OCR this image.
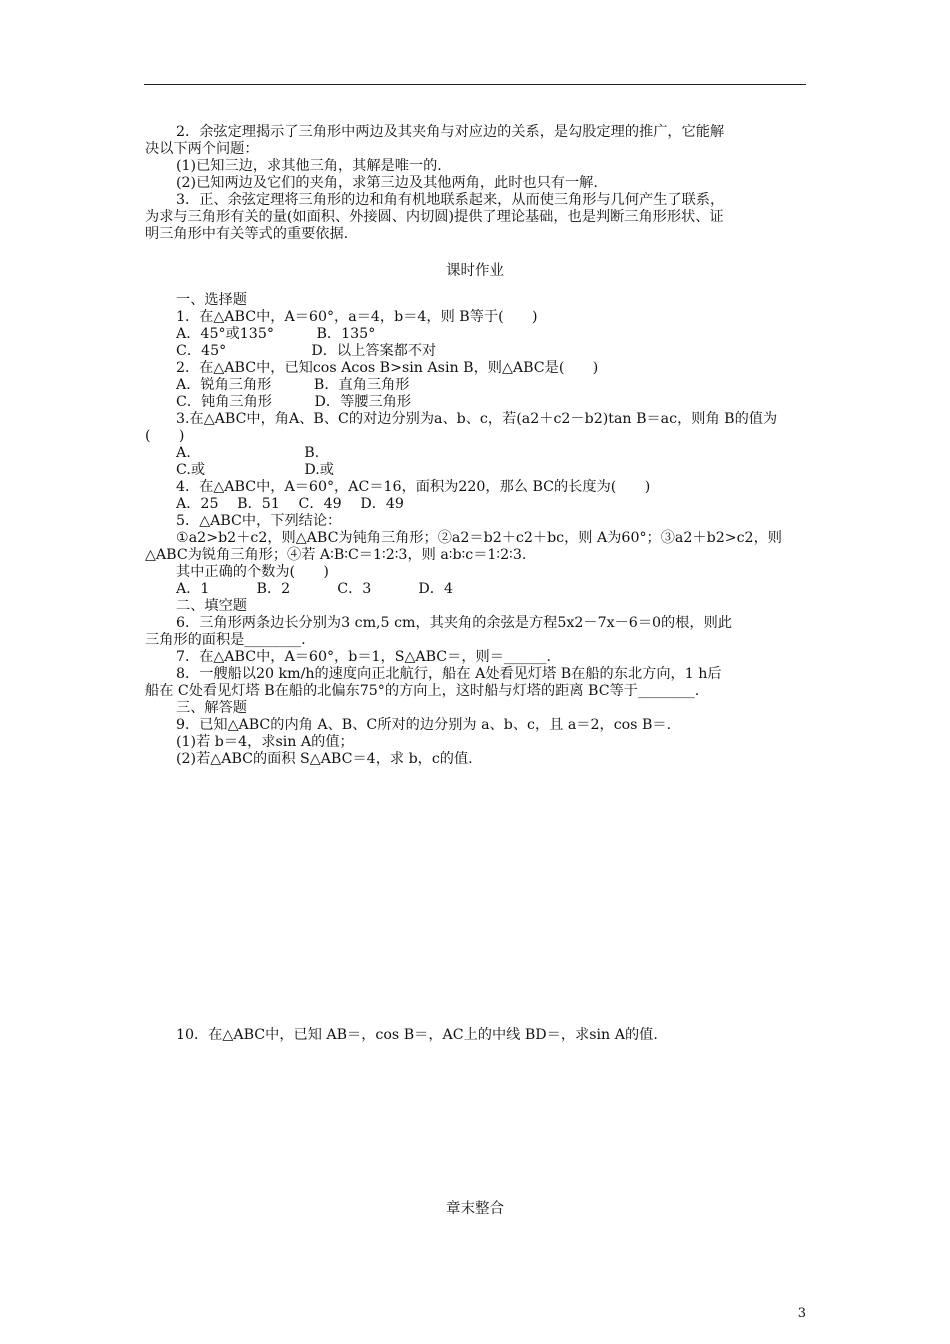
2．余弦定理揭示了三角形中两边及其夹角与对应边的关系，是勾股定理的推广，它能解
决以下两个问题：
(1)已知三边，求其他三角，其解是唯一的.
(2)已知两边及它们的夹角，求第三边及其他两角，此时也只有一解.
3．正、余弦定理将三角形的边和角有机地联系起来，从而使三角形与几何产生了联系，
为求与三角形有关的量(如面积、外接圆、内切圆)提供了理论基础，也是判断三角形形状、证
明三角形中有关等式的重要依据.
课时作业
一、选择题
1．在△ABC中，A＝60°，a＝4，b＝4，则 B等于(　　)
A．45°或135°　　　B．135°
C．45°　　　　　　D．以上答案都不对
2．在△ABC中，已知cos Acos B>sin Asin B，则△ABC是(　　)
A．锐角三角形　　　B．直角三角形
C．钝角三角形　　　D．等腰三角形
3.在△ABC中，角A、B、C的对边分别为a、b、c，若(a2＋c2－b2)tan B＝ac，则角 B的值为
(　　)
A.　　　　　　　　B.
C.或　　　　　　　D.或
4．在△ABC中，A＝60°，AC＝16，面积为220，那么 BC的长度为(　　)
A．25　 B．51　 C．49　 D．49
5．△ABC中，下列结论：
①a2>b2＋c2，则△ABC为钝角三角形；②a2＝b2＋c2＋bc，则 A为60°；③a2＋b2>c2，则
△ABC为锐角三角形；④若 A∶B∶C＝1∶2∶3，则 a∶b∶c＝1∶2∶3.
其中正确的个数为(　　)
A．1　　　 B．2　　　 C．3　　　 D．4
二、填空题
6．三角形两条边长分别为3 cm,5 cm，其夹角的余弦是方程5x2－7x－6＝0的根，则此
三角形的面积是________.
7．在△ABC中，A＝60°，b＝1，S△ABC＝，则＝______.
8．一艘船以20 km/h的速度向正北航行，船在 A处看见灯塔 B在船的东北方向，1 h后
船在 C处看见灯塔 B在船的北偏东75°的方向上，这时船与灯塔的距离 BC等于________.
三、解答题
9．已知△ABC的内角 A、B、C所对的边分别为 a、b、c，且 a＝2，cos B＝.
(1)若 b＝4，求sin A的值；
(2)若△ABC的面积 S△ABC＝4，求 b，c的值.
10．在△ABC中，已知 AB＝，cos B＝，AC上的中线 BD＝，求sin A的值.
章末整合
3
